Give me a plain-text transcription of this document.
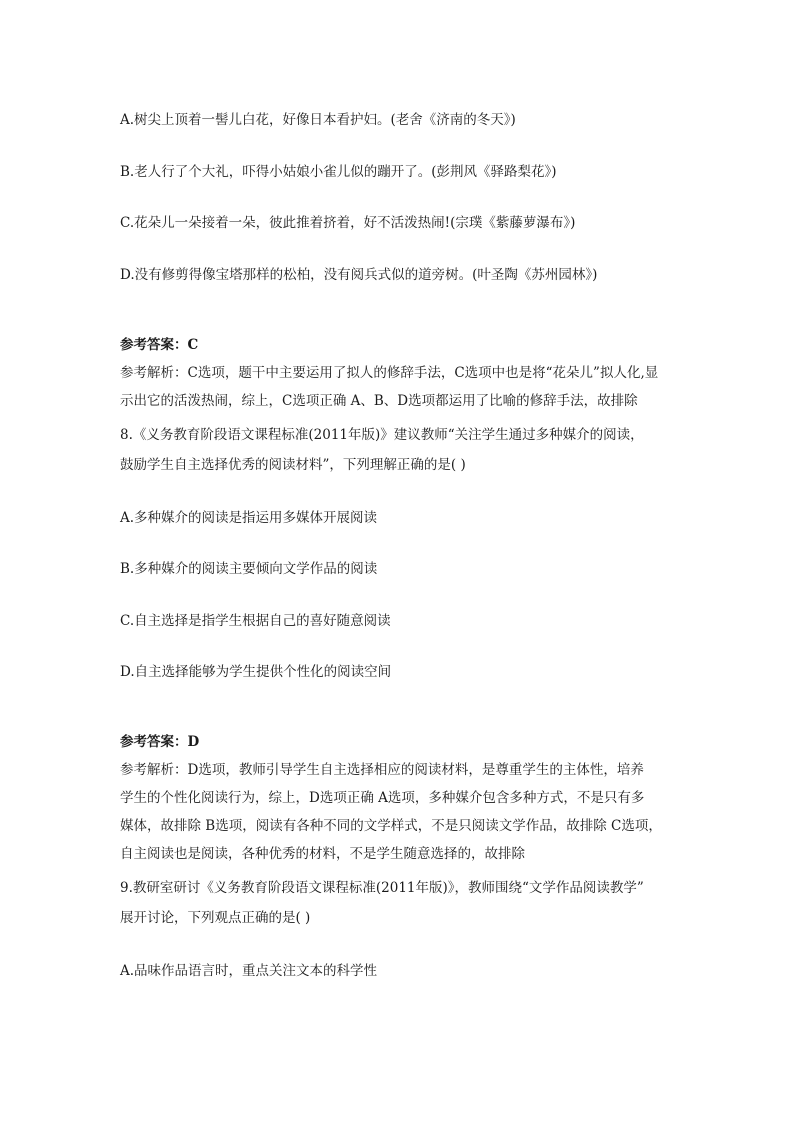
A.树尖上顶着一髻儿白花，好像日本看护妇。(老舍《济南的冬天》)
B.老人行了个大礼，吓得小姑娘小雀儿似的蹦开了。(彭荆风《驿路梨花》)
C.花朵儿一朵接着一朵，彼此推着挤着，好不活泼热闹!(宗璞《紫藤萝瀑布》)
D.没有修剪得像宝塔那样的松柏，没有阅兵式似的道旁树。(叶圣陶《苏州园林》)
参考答案：C
参考解析：C选项，题干中主要运用了拟人的修辞手法，C选项中也是将“花朵儿”拟人化,显
示出它的活泼热闹，综上，C选项正确 A、B、D选项都运用了比喻的修辞手法，故排除
8.《义务教育阶段语文课程标准(2011年版)》建议教师“关注学生通过多种媒介的阅读，
鼓励学生自主选择优秀的阅读材料”，下列理解正确的是( )
A.多种媒介的阅读是指运用多媒体开展阅读
B.多种媒介的阅读主要倾向文学作品的阅读
C.自主选择是指学生根据自己的喜好随意阅读
D.自主选择能够为学生提供个性化的阅读空间
参考答案：D
参考解析：D选项，教师引导学生自主选择相应的阅读材料，是尊重学生的主体性，培养
学生的个性化阅读行为，综上，D选项正确 A选项，多种媒介包含多种方式，不是只有多
媒体，故排除 B选项，阅读有各种不同的文学样式，不是只阅读文学作品，故排除 C选项，
自主阅读也是阅读，各种优秀的材料，不是学生随意选择的，故排除
9.教研室研讨《义务教育阶段语文课程标准(2011年版)》，教师围绕“文学作品阅读教学”
展开讨论，下列观点正确的是( )
A.品味作品语言时，重点关注文本的科学性
